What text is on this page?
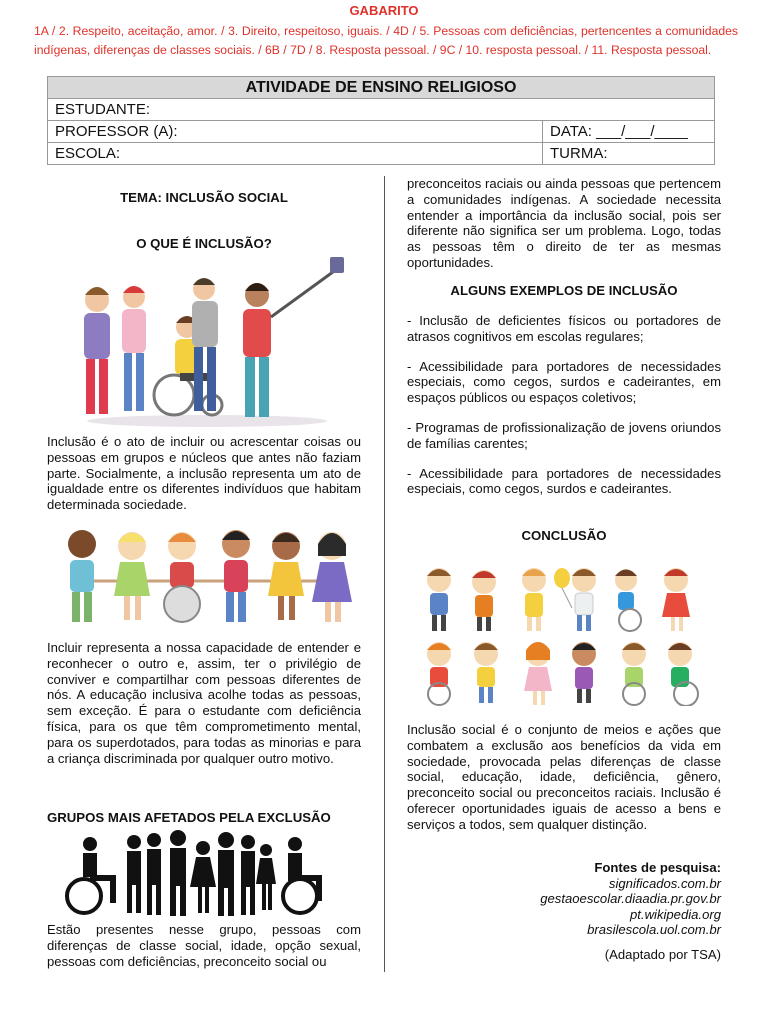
GABARITO
1A / 2. Respeito, aceitação, amor. / 3. Direito, respeitoso, iguais. / 4D / 5. Pessoas com deficiências, pertencentes a comunidades indígenas, diferenças de classes sociais. / 6B / 7D / 8. Resposta pessoal. / 9C / 10. resposta pessoal. / 11. Resposta pessoal.
ATIVIDADE DE ENSINO RELIGIOSO	
ESTUDANTE:	
PROFESSOR (A):	DATA: ___/___/____
ESCOLA:	TURMA:
TEMA: INCLUSÃO SOCIAL
O QUE É INCLUSÃO?
Inclusão é o ato de incluir ou acrescentar coisas ou pessoas em grupos e núcleos que antes não faziam parte. Socialmente, a inclusão representa um ato de igualdade entre os diferentes indivíduos que habitam determinada sociedade.
Incluir representa a nossa capacidade de entender e reconhecer o outro e, assim, ter o privilégio de conviver e compartilhar com pessoas diferentes de nós. A educação inclusiva acolhe todas as pessoas, sem exceção. É para o estudante com deficiência física, para os que têm comprometimento mental, para os superdotados, para todas as minorias e para a criança discriminada por qualquer outro motivo.
GRUPOS MAIS AFETADOS PELA EXCLUSÃO
Estão presentes nesse grupo, pessoas com diferenças de classe social, idade, opção sexual, pessoas com deficiências, preconceito social ou
preconceitos raciais ou ainda pessoas que pertencem a comunidades indígenas. A sociedade necessita entender a importância da inclusão social, pois ser diferente não significa ser um problema. Logo, todas as pessoas têm o direito de ter as mesmas oportunidades.
ALGUNS EXEMPLOS DE INCLUSÃO

- Inclusão de deficientes físicos ou portadores de atrasos cognitivos em escolas regulares;

- Acessibilidade para portadores de necessidades especiais, como cegos, surdos e cadeirantes, em espaços públicos ou espaços coletivos;

- Programas de profissionalização de jovens oriundos de famílias carentes;

- Acessibilidade para portadores de necessidades especiais, como cegos, surdos e cadeirantes.

CONCLUSÃO
Inclusão social é o conjunto de meios e ações que combatem a exclusão aos benefícios da vida em sociedade, provocada pelas diferenças de classe social, educação, idade, deficiência, gênero, preconceito social ou preconceitos raciais. Inclusão é oferecer oportunidades iguais de acesso a bens e serviços a todos, sem qualquer distinção.
Fontes de pesquisa:
significados.com.br
gestaoescolar.diaadia.pr.gov.br
pt.wikipedia.org
brasilescola.uol.com.br
(Adaptado por TSA)
